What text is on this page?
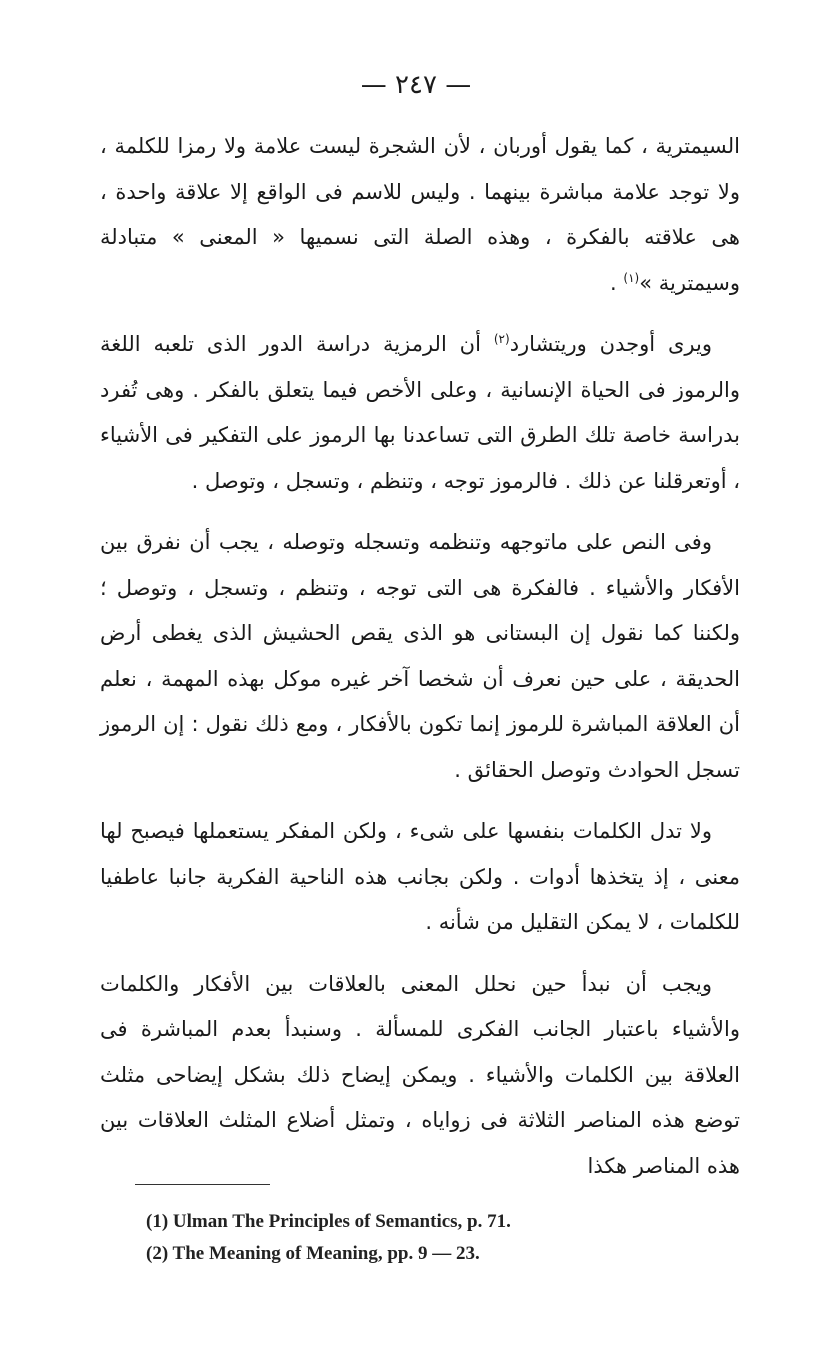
— ٢٤٧ —

السيمترية ، كما يقول أوربان ، لأن الشجرة ليست علامة ولا رمزا للكلمة ، ولا توجد علامة مباشرة بينهما . وليس للاسم فى الواقع إلا علاقة واحدة ، هى علاقته بالفكرة ، وهذه الصلة التى نسميها « المعنى » متبادلة وسيمترية »$^{(١)}$ .

ويرى أوجدن وريتشارد$^{(٢)}$ أن الرمزية دراسة الدور الذى تلعبه اللغة والرموز فى الحياة الإنسانية ، وعلى الأخص فيما يتعلق بالفكر . وهى تُفرد بدراسة خاصة تلك الطرق التى تساعدنا بها الرموز على التفكير فى الأشياء ، أوتعرقلنا عن ذلك . فالرموز توجه ، وتنظم ، وتسجل ، وتوصل .

وفى النص على ماتوجهه وتنظمه وتسجله وتوصله ، يجب أن نفرق بين الأفكار والأشياء . فالفكرة هى التى توجه ، وتنظم ، وتسجل ، وتوصل ؛ ولكننا كما نقول إن البستانى هو الذى يقص الحشيش الذى يغطى أرض الحديقة ، على حين نعرف أن شخصا آخر غيره موكل بهذه المهمة ، نعلم أن العلاقة المباشرة للرموز إنما تكون بالأفكار ، ومع ذلك نقول : إن الرموز تسجل الحوادث وتوصل الحقائق .

ولا تدل الكلمات بنفسها على شىء ، ولكن المفكر يستعملها فيصبح لها معنى ، إذ يتخذها أدوات . ولكن بجانب هذه الناحية الفكرية جانبا عاطفيا للكلمات ، لا يمكن التقليل من شأنه .

ويجب أن نبدأ حين نحلل المعنى بالعلاقات بين الأفكار والكلمات والأشياء باعتبار الجانب الفكرى للمسألة . وسنبدأ بعدم المباشرة فى العلاقة بين الكلمات والأشياء . ويمكن إيضاح ذلك بشكل إيضاحى مثلث توضع هذه المناصر الثلاثة فى زواياه ، وتمثل أضلاع المثلث العلاقات بين هذه المناصر هكذا

(1) Ulman The Principles of Semantics, p. 71.
(2) The Meaning of Meaning, pp. 9 — 23.
